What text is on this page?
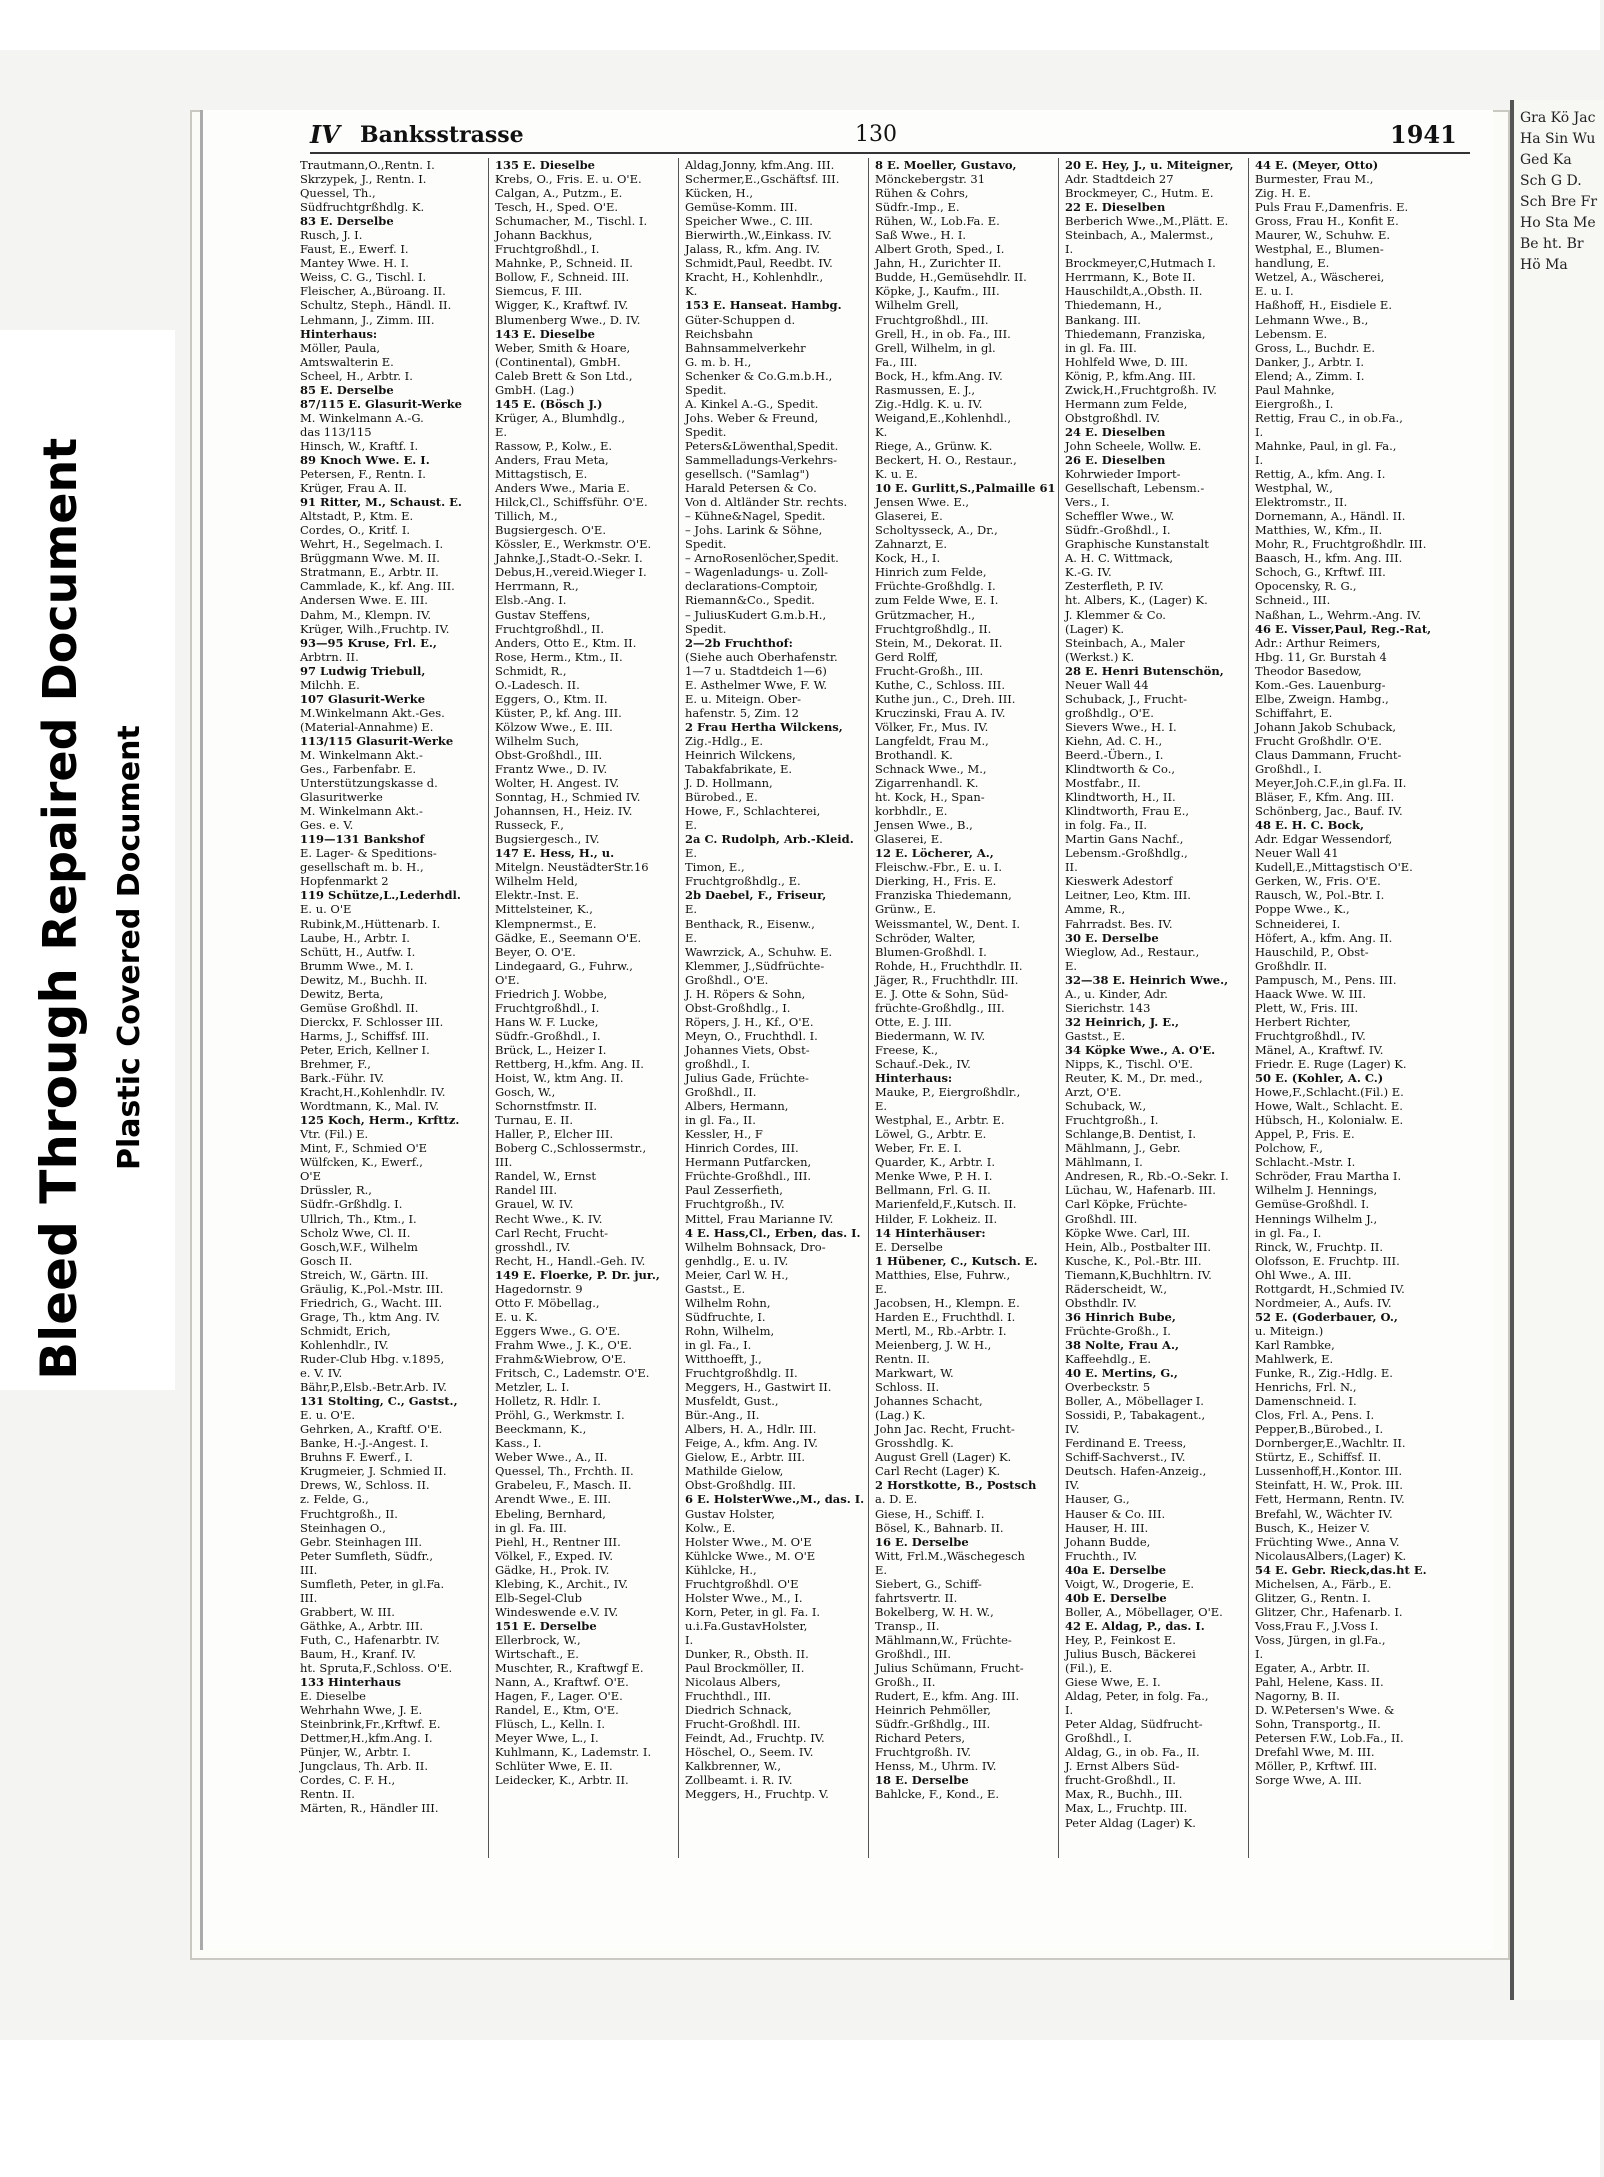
Bleed Through Repaired Document Plastic Covered Document
Gra Kö Jac Ha Sin Wu Ged Ka Sch G D. Sch Bre Fr Ho Sta Me Be ht. Br Hö Ma
IV Banksstrasse	130	1941
Trautmann,O.,Rentn. I.
Skrzypek, J., Rentn. I.
Quessel, Th.,
Südfruchtgrßhdlg. K.
83 E. Derselbe
Rusch, J. I.
Faust, E., Ewerf. I.
Mantey Wwe. H. I.
Weiss, C. G., Tischl. I.
Fleischer, A.,Büroang. II.
Schultz, Steph., Händl. II.
Lehmann, J., Zimm. III.
Hinterhaus:
Möller, Paula,
Amtswalterin E.
Scheel, H., Arbtr. I.
85 E. Derselbe
87/115 E. Glasurit-Werke
M. Winkelmann A.-G.
das 113/115
Hinsch, W., Kraftf. I.
89 Knoch Wwe. E. I.
Petersen, F., Rentn. I.
Krüger, Frau A. II.
91 Ritter, M., Schaust. E.
Altstadt, P., Ktm. E.
Cordes, O., Kritf. I.
Wehrt, H., Segelmach. I.
Brüggmann Wwe. M. II.
Stratmann, E., Arbtr. II.
Cammlade, K., kf. Ang. III.
Andersen Wwe. E. III.
Dahm, M., Klempn. IV.
Krüger, Wilh.,Fruchtp. IV.
93—95 Kruse, Frl. E.,
Arbtrn. II.
97 Ludwig Triebull,
Milchh. E.
107 Glasurit-Werke
M.Winkelmann Akt.-Ges.
(Material-Annahme) E.
113/115 Glasurit-Werke
M. Winkelmann Akt.-
Ges., Farbenfabr. E.
Unterstützungskasse d.
Glasuritwerke
M. Winkelmann Akt.-
Ges. e. V.
119—131 Bankshof
E. Lager- & Speditions-
gesellschaft m. b. H.,
Hopfenmarkt 2
119 Schütze,L.,Lederhdl.
E. u. O'E
Rubink,M.,Hüttenarb. I.
Laube, H., Arbtr. I.
Schütt, H., Autfw. I.
Brumm Wwe., M. I.
Dewitz, M., Buchh. II.
Dewitz, Berta,
Gemüse Großhdl. II.
Dierckx, F. Schlosser III.
Harms, J., Schiffsf. III.
Peter, Erich, Kellner I.
Brehmer, F.,
Bark.-Führ. IV.
Kracht,H.,Kohlenhdlr. IV.
Wordtmann, K., Mal. IV.
125 Koch, Herm., Krfttz.
Vtr. (Fil.) E.
Mint, F., Schmied O'E
Wülfcken, K., Ewerf.,
O'E
Drüssler, R.,
Südfr.-Grßhdlg. I.
Ullrich, Th., Ktm., I.
Scholz Wwe, Cl. II.
Gosch,W.F., Wilhelm
Gosch II.
Streich, W., Gärtn. III.
Gräulig, K.,Pol.-Mstr. III.
Friedrich, G., Wacht. III.
Grage, Th., ktm Ang. IV.
Schmidt, Erich,
Kohlenhdlr., IV.
Ruder-Club Hbg. v.1895,
e. V. IV.
Bähr,P.,Elsb.-Betr.Arb. IV.
131 Stolting, C., Gastst.,
E. u. O'E.
Gehrken, A., Kraftf. O'E.
Banke, H.-J.-Angest. I.
Bruhns F. Ewerf., I.
Krugmeier, J. Schmied II.
Drews, W., Schloss. II.
z. Felde, G.,
Fruchtgroßh., II.
Steinhagen O.,
Gebr. Steinhagen III.
Peter Sumfleth, Südfr.,
III.
Sumfleth, Peter, in gl.Fa.
III.
Grabbert, W. III.
Gäthke, A., Arbtr. III.
Futh, C., Hafenarbtr. IV.
Baum, H., Kranf. IV.
ht. Spruta,F.,Schloss. O'E.
133 Hinterhaus
E. Dieselbe
Wehrhahn Wwe, J. E.
Steinbrink,Fr.,Krftwf. E.
Dettmer,H.,kfm.Ang. I.
Pünjer, W., Arbtr. I.
Jungclaus, Th. Arb. II.
Cordes, C. F. H.,
Rentn. II.
Märten, R., Händler III.
135 E. Dieselbe
Krebs, O., Fris. E. u. O'E.
Calgan, A., Putzm., E.
Tesch, H., Sped. O'E.
Schumacher, M., Tischl. I.
Johann Backhus,
Fruchtgroßhdl., I.
Mahnke, P., Schneid. II.
Bollow, F., Schneid. III.
Siemcus, F. III.
Wigger, K., Kraftwf. IV.
Blumenberg Wwe., D. IV.
143 E. Dieselbe
Weber, Smith & Hoare,
(Continental), GmbH.
Caleb Brett & Son Ltd.,
GmbH. (Lag.)
145 E. (Bösch J.)
Krüger, A., Blumhdlg.,
E.
Rassow, P., Kolw., E.
Anders, Frau Meta,
Mittagstisch, E.
Anders Wwe., Maria E.
Hilck,Cl., Schiffsführ. O'E.
Tillich, M.,
Bugsiergesch. O'E.
Kössler, E., Werkmstr. O'E.
Jahnke,J.,Stadt-O.-Sekr. I.
Debus,H.,vereid.Wieger I.
Herrmann, R.,
Elsb.-Ang. I.
Gustav Steffens,
Fruchtgroßhdl., II.
Anders, Otto E., Ktm. II.
Rose, Herm., Ktm., II.
Schmidt, R.,
O.-Ladesch. II.
Eggers, O., Ktm. II.
Küster, P., kf. Ang. III.
Kölzow Wwe., E. III.
Wilhelm Such,
Obst-Großhdl., III.
Frantz Wwe., D. IV.
Wolter, H. Angest. IV.
Sonntag, H., Schmied IV.
Johannsen, H., Heiz. IV.
Russeck, F.,
Bugsiergesch., IV.
147 E. Hess, H., u.
Mitelgn. NeustädterStr.16
Wilhelm Held,
Elektr.-Inst. E.
Mittelsteiner, K.,
Klempnermst., E.
Gädke, E., Seemann O'E.
Beyer, O. O'E.
Lindegaard, G., Fuhrw.,
O'E.
Friedrich J. Wobbe,
Fruchtgroßhdl., I.
Hans W. F. Lucke,
Südfr.-Großhdl., I.
Brück, L., Heizer I.
Rettberg, H.,kfm. Ang. II.
Hoist, W., ktm Ang. II.
Gosch, W.,
Schornstfmstr. II.
Turnau, E. II.
Haller, P., Elcher III.
Boberg C.,Schlossermstr.,
III.
Randel, W., Ernst
Randel III.
Grauel, W. IV.
Recht Wwe., K. IV.
Carl Recht, Frucht-
grosshdl., IV.
Recht, H., Handl.-Geh. IV.
149 E. Floerke, P. Dr. jur.,
Hagedornstr. 9
Otto F. Möbellag.,
E. u. K.
Eggers Wwe., G. O'E.
Frahm Wwe., J. K., O'E.
Frahm&Wiebrow, O'E.
Fritsch, C., Lademstr. O'E.
Metzler, L. I.
Holletz, R. Hdlr. I.
Pröhl, G., Werkmstr. I.
Beeckmann, K.,
Kass., I.
Weber Wwe., A., II.
Quessel, Th., Frchth. II.
Grabeleu, F., Masch. II.
Arendt Wwe., E. III.
Ebeling, Bernhard,
in gl. Fa. III.
Piehl, H., Rentner III.
Völkel, F., Exped. IV.
Gädke, H., Prok. IV.
Klebing, K., Archit., IV.
Elb-Segel-Club
Windeswende e.V. IV.
151 E. Derselbe
Ellerbrock, W.,
Wirtschaft., E.
Muschter, R., Kraftwgf E.
Nann, A., Kraftwf. O'E.
Hagen, F., Lager. O'E.
Randel, E., Ktm, O'E.
Flüsch, L., Kelln. I.
Meyer Wwe, L., I.
Kuhlmann, K., Lademstr. I.
Schlüter Wwe, E. II.
Leidecker, K., Arbtr. II.
Aldag,Jonny, kfm.Ang. III.
Schermer,E.,Gschäftsf. III.
Kücken, H.,
Gemüse-Komm. III.
Speicher Wwe., C. III.
Bierwirth.,W.,Einkass. IV.
Jalass, R., kfm. Ang. IV.
Schmidt,Paul, Reedbt. IV.
Kracht, H., Kohlenhdlr.,
K.
153 E. Hanseat. Hambg.
Güter-Schuppen d.
Reichsbahn
Bahnsammelverkehr
G. m. b. H.,
Schenker & Co.G.m.b.H.,
Spedit.
A. Kinkel A.-G., Spedit.
Johs. Weber & Freund,
Spedit.
Peters&Löwenthal,Spedit.
Sammelladungs-Verkehrs-
gesellsch. ("Samlag")
Harald Petersen & Co.
Von d. Altländer Str. rechts.
– Kühne&Nagel, Spedit.
– Johs. Larink & Söhne,
Spedit.
– ArnoRosenlöcher,Spedit.
– Wagenladungs- u. Zoll-
declarations-Comptoir,
Riemann&Co., Spedit.
– JuliusKudert G.m.b.H.,
Spedit.
2—2b Fruchthof:
(Siehe auch Oberhafenstr.
1—7 u. Stadtdeich 1—6)
E. Asthelmer Wwe, F. W.
E. u. Miteign. Ober-
hafenstr. 5, Zim. 12
2 Frau Hertha Wilckens,
Zig.-Hdlg., E.
Heinrich Wilckens,
Tabakfabrikate, E.
J. D. Hollmann,
Bürobed., E.
Howe, F., Schlachterei,
E.
2a C. Rudolph, Arb.-Kleid.
E.
Timon, E.,
Fruchtgroßhdlg., E.
2b Daebel, F., Friseur,
E.
Benthack, R., Eisenw.,
E.
Wawrzick, A., Schuhw. E.
Klemmer, J.,Südfrüchte-
Großhdl., O'E.
J. H. Röpers & Sohn,
Obst-Großhdlg., I.
Röpers, J. H., Kf., O'E.
Meyn, O., Fruchthdl. I.
Johannes Viets, Obst-
großhdl., I.
Julius Gade, Früchte-
Großhdl., II.
Albers, Hermann,
in gl. Fa., II.
Kessler, H., F
Hinrich Cordes, III.
Hermann Putfarcken,
Früchte-Großhdl., III.
Paul Zesserfieth,
Fruchtgroßh., IV.
Mittel, Frau Marianne IV.
4 E. Hass,Cl., Erben, das. I.
Wilhelm Bohnsack, Dro-
genhdlg., E. u. IV.
Meier, Carl W. H.,
Gastst., E.
Wilhelm Rohn,
Südfruchte, I.
Rohn, Wilhelm,
in gl. Fa., I.
Witthoefft, J.,
Fruchtgroßhdlg. II.
Meggers, H., Gastwirt II.
Musfeldt, Gust.,
Bür.-Ang., II.
Albers, H. A., Hdlr. III.
Feige, A., kfm. Ang. IV.
Gielow, E., Arbtr. III.
Mathilde Gielow,
Obst-Großhdlg. III.
6 E. HolsterWwe.,M., das. I.
Gustav Holster,
Kolw., E.
Holster Wwe., M. O'E
Kühlcke Wwe., M. O'E
Kühlcke, H.,
Fruchtgroßhdl. O'E
Holster Wwe., M., I.
Korn, Peter, in gl. Fa. I.
u.i.Fa.GustavHolster,
I.
Dunker, R., Obsth. II.
Paul Brockmöller, II.
Nicolaus Albers,
Fruchthdl., III.
Diedrich Schnack,
Frucht-Großhdl. III.
Feindt, Ad., Fruchtp. IV.
Höschel, O., Seem. IV.
Kalkbrenner, W.,
Zollbeamt. i. R. IV.
Meggers, H., Fruchtp. V.
8 E. Moeller, Gustavo,
Mönckebergstr. 31
Rühen & Cohrs,
Südfr.-Imp., E.
Rühen, W., Lob.Fa. E.
Saß Wwe., H. I.
Albert Groth, Sped., I.
Jahn, H., Zurichter II.
Budde, H.,Gemüsehdlr. II.
Köpke, J., Kaufm., III.
Wilhelm Grell,
Fruchtgroßhdl., III.
Grell, H., in ob. Fa., III.
Grell, Wilhelm, in gl.
Fa., III.
Bock, H., kfm.Ang. IV.
Rasmussen, E. J.,
Zig.-Hdlg. K. u. IV.
Weigand,E.,Kohlenhdl.,
K.
Riege, A., Grünw. K.
Beckert, H. O., Restaur.,
K. u. E.
10 E. Gurlitt,S.,Palmaille 61
Jensen Wwe. E.,
Glaserei, E.
Scholtysseck, A., Dr.,
Zahnarzt, E.
Kock, H., I.
Hinrich zum Felde,
Früchte-Großhdlg. I.
zum Felde Wwe, E. I.
Grützmacher, H.,
Fruchtgroßhdlg., II.
Stein, M., Dekorat. II.
Gerd Rolff,
Frucht-Großh., III.
Kuthe, C., Schloss. III.
Kuthe jun., C., Dreh. III.
Kruczinski, Frau A. IV.
Völker, Fr., Mus. IV.
Langfeldt, Frau M.,
Brothandl. K.
Schnack Wwe., M.,
Zigarrenhandl. K.
ht. Kock, H., Span-
korbhdlr., E.
Jensen Wwe., B.,
Glaserei, E.
12 E. Löcherer, A.,
Fleischw.-Fbr., E. u. I.
Dierking, H., Fris. E.
Franziska Thiedemann,
Grünw., E.
Weissmantel, W., Dent. I.
Schröder, Walter,
Blumen-Großhdl. I.
Rohde, H., Fruchthdlr. II.
Jäger, R., Fruchthdlr. III.
E. J. Otte & Sohn, Süd-
früchte-Großhdlg., III.
Otte, E. J. III.
Biedermann, W. IV.
Freese, K.,
Schauf.-Dek., IV.
Hinterhaus:
Mauke, P., Eiergroßhdlr.,
E.
Westphal, E., Arbtr. E.
Löwel, G., Arbtr. E.
Weber, Fr. E. I.
Quarder, K., Arbtr. I.
Menke Wwe, P. H. I.
Bellmann, Frl. G. II.
Marienfeld,F.,Kutsch. II.
Hilder, F. Lokheiz. II.
14 Hinterhäuser:
E. Derselbe
1 Hübener, C., Kutsch. E.
Matthies, Else, Fuhrw.,
E.
Jacobsen, H., Klempn. E.
Harden E., Fruchthdl. I.
Mertl, M., Rb.-Arbtr. I.
Meienberg, J. W. H.,
Rentn. II.
Markwart, W.
Schloss. II.
Johannes Schacht,
(Lag.) K.
John Jac. Recht, Frucht-
Grosshdlg. K.
August Grell (Lager) K.
Carl Recht (Lager) K.
2 Horstkotte, B., Postsch
a. D. E.
Giese, H., Schiff. I.
Bösel, K., Bahnarb. II.
16 E. Derselbe
Witt, Frl.M.,Wäschegesch
E.
Siebert, G., Schiff-
fahrtsvertr. II.
Bokelberg, W. H. W.,
Transp., II.
Mählmann,W., Früchte-
Großhdl., III.
Julius Schümann, Frucht-
Großh., II.
Rudert, E., kfm. Ang. III.
Heinrich Pehmöller,
Südfr.-Grßhdlg., III.
Richard Peters,
Fruchtgroßh. IV.
Henss, M., Uhrm. IV.
18 E. Derselbe
Bahlcke, F., Kond., E.
20 E. Hey, J., u. Miteigner,
Adr. Stadtdeich 27
Brockmeyer, C., Hutm. E.
22 E. Dieselben
Berberich Wwe.,M.,Plätt. E.
Steinbach, A., Malermst.,
I.
Brockmeyer,C,Hutmach I.
Herrmann, K., Bote II.
Hauschildt,A.,Obsth. II.
Thiedemann, H.,
Bankang. III.
Thiedemann, Franziska,
in gl. Fa. III.
Hohlfeld Wwe, D. III.
König, P., kfm.Ang. III.
Zwick,H.,Fruchtgroßh. IV.
Hermann zum Felde,
Obstgroßhdl. IV.
24 E. Dieselben
John Scheele, Wollw. E.
26 E. Dieselben
Kohrwieder Import-
Gesellschaft, Lebensm.-
Vers., I.
Scheffler Wwe., W.
Südfr.-Großhdl., I.
Graphische Kunstanstalt
A. H. C. Wittmack,
K.-G. IV.
Zesterfleth, P. IV.
ht. Albers, K., (Lager) K.
J. Klemmer & Co.
(Lager) K.
Steinbach, A., Maler
(Werkst.) K.
28 E. Henri Butenschön,
Neuer Wall 44
Schuback, J., Frucht-
großhdlg., O'E.
Sievers Wwe., H. I.
Kiehn, Ad. C. H.,
Beerd.-Übern., I.
Klindtworth & Co.,
Mostfabr., II.
Klindtworth, H., II.
Klindtworth, Frau E.,
in folg. Fa., II.
Martin Gans Nachf.,
Lebensm.-Großhdlg.,
II.
Kieswerk Adestorf
Leitner, Leo, Ktm. III.
Amme, R.,
Fahrradst. Bes. IV.
30 E. Derselbe
Wieglow, Ad., Restaur.,
E.
32—38 E. Heinrich Wwe.,
A., u. Kinder, Adr.
Sierichstr. 143
32 Heinrich, J. E.,
Gastst., E.
34 Köpke Wwe., A. O'E.
Nipps, K., Tischl. O'E.
Reuter, K. M., Dr. med.,
Arzt, O'E.
Schuback, W.,
Fruchtgroßh., I.
Schlange,B. Dentist, I.
Mählmann, J., Gebr.
Mählmann, I.
Andresen, R., Rb.-O.-Sekr. I.
Lüchau, W., Hafenarb. III.
Carl Köpke, Früchte-
Großhdl. III.
Köpke Wwe. Carl, III.
Hein, Alb., Postbalter III.
Kusche, K., Pol.-Btr. III.
Tiemann,K,Buchhltrn. IV.
Räderscheidt, W.,
Obsthdlr. IV.
36 Hinrich Bube,
Früchte-Großh., I.
38 Nolte, Frau A.,
Kaffeehdlg., E.
40 E. Mertins, G.,
Overbeckstr. 5
Boller, A., Möbellager I.
Sossidi, P., Tabakagent.,
IV.
Ferdinand E. Treess,
Schiff-Sachverst., IV.
Deutsch. Hafen-Anzeig.,
IV.
Hauser, G.,
Hauser & Co. III.
Hauser, H. III.
Johann Budde,
Fruchth., IV.
40a E. Derselbe
Voigt, W., Drogerie, E.
40b E. Derselbe
Boller, A., Möbellager, O'E.
42 E. Aldag, P., das. I.
Hey, P., Feinkost E.
Julius Busch, Bäckerei
(Fil.), E.
Giese Wwe, E. I.
Aldag, Peter, in folg. Fa.,
I.
Peter Aldag, Südfrucht-
Großhdl., I.
Aldag, G., in ob. Fa., II.
J. Ernst Albers Süd-
frucht-Großhdl., II.
Max, R., Buchh., III.
Max, L., Fruchtp. III.
Peter Aldag (Lager) K.
44 E. (Meyer, Otto)
Burmester, Frau M.,
Zig. H. E.
Puls Frau F.,Damenfris. E.
Gross, Frau H., Konfit E.
Maurer, W., Schuhw. E.
Westphal, E., Blumen-
handlung, E.
Wetzel, A., Wäscherei,
E. u. I.
Haßhoff, H., Eisdiele E.
Lehmann Wwe., B.,
Lebensm. E.
Gross, L., Buchdr. E.
Danker, J., Arbtr. I.
Elend; A., Zimm. I.
Paul Mahnke,
Eiergroßh., I.
Rettig, Frau C., in ob.Fa.,
I.
Mahnke, Paul, in gl. Fa.,
I.
Rettig, A., kfm. Ang. I.
Westphal, W.,
Elektromstr., II.
Dornemann, A., Händl. II.
Matthies, W., Kfm., II.
Mohr, R., Fruchtgroßhdlr. III.
Baasch, H., kfm. Ang. III.
Schoch, G., Krftwf. III.
Opocensky, R. G.,
Schneid., III.
Naßhan, L., Wehrm.-Ang. IV.
46 E. Visser,Paul, Reg.-Rat,
Adr.: Arthur Reimers,
Hbg. 11, Gr. Burstah 4
Theodor Basedow,
Kom.-Ges. Lauenburg-
Elbe, Zweign. Hambg.,
Schiffahrt, E.
Johann Jakob Schuback,
Frucht Großhdlr. O'E.
Claus Dammann, Frucht-
Großhdl., I.
Meyer,Joh.C.F.,in gl.Fa. II.
Bläser, F., Kfm. Ang. III.
Schönberg, Jac., Bauf. IV.
48 E. H. C. Bock,
Adr. Edgar Wessendorf,
Neuer Wall 41
Kudell,E.,Mittagstisch O'E.
Gerken, W., Fris. O'E.
Rausch, W., Pol.-Btr. I.
Poppe Wwe., K.,
Schneiderei, I.
Höfert, A., kfm. Ang. II.
Hauschild, P., Obst-
Großhdlr. II.
Pampusch, M., Pens. III.
Haack Wwe. W. III.
Plett, W., Fris. III.
Herbert Richter,
Fruchtgroßhdl., IV.
Mänel, A., Kraftwf. IV.
Friedr. E. Ruge (Lager) K.
50 E. (Kohler, A. C.)
Howe,F.,Schlacht.(Fil.) E.
Howe, Walt., Schlacht. E.
Hübsch, H., Kolonialw. E.
Appel, P., Fris. E.
Polchow, F.,
Schlacht.-Mstr. I.
Schröder, Frau Martha I.
Wilhelm J. Hennings,
Gemüse-Großhdl. I.
Hennings Wilhelm J.,
in gl. Fa., I.
Rinck, W., Fruchtp. II.
Olofsson, E. Fruchtp. III.
Ohl Wwe., A. III.
Rottgardt, H.,Schmied IV.
Nordmeier, A., Aufs. IV.
52 E. (Goderbauer, O.,
u. Miteign.)
Karl Rambke,
Mahlwerk, E.
Funke, R., Zig.-Hdlg. E.
Henrichs, Frl. N.,
Damenschneid. I.
Clos, Frl. A., Pens. I.
Pepper,B.,Bürobed., I.
Dornberger,E.,Wachltr. II.
Stürtz, E., Schiffsf. II.
Lussenhoff,H.,Kontor. III.
Steinfatt, H. W., Prok. III.
Fett, Hermann, Rentn. IV.
Brefahl, W., Wächter IV.
Busch, K., Heizer V.
Früchting Wwe., Anna V.
NicolausAlbers,(Lager) K.
54 E. Gebr. Rieck,das.ht E.
Michelsen, A., Färb., E.
Glitzer, G., Rentn. I.
Glitzer, Chr., Hafenarb. I.
Voss,Frau F., J.Voss I.
Voss, Jürgen, in gl.Fa.,
I.
Egater, A., Arbtr. II.
Pahl, Helene, Kass. II.
Nagorny, B. II.
D. W.Petersen's Wwe. &
Sohn, Transportg., II.
Petersen F.W., Lob.Fa., II.
Drefahl Wwe, M. III.
Möller, P., Krftwf. III.
Sorge Wwe, A. III.
